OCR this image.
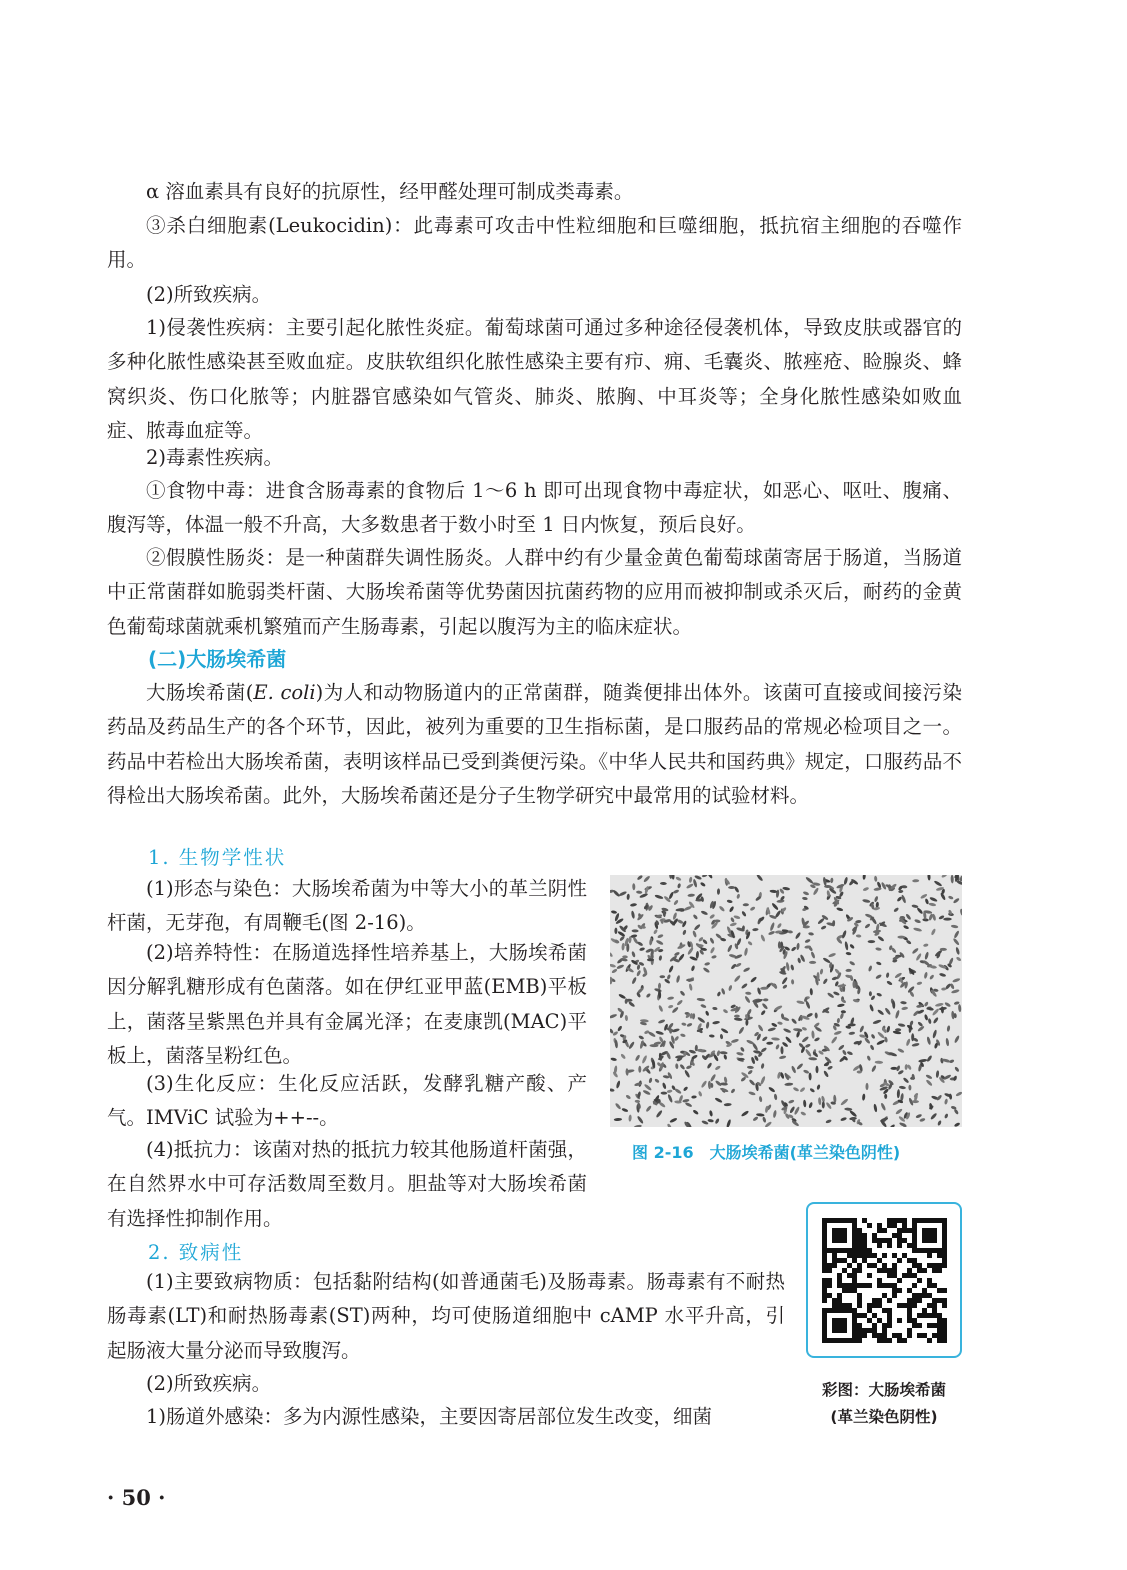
α 溶血素具有良好的抗原性，经甲醛处理可制成类毒素。

③杀白细胞素(Leukocidin)：此毒素可攻击中性粒细胞和巨噬细胞，抵抗宿主细胞的吞噬作用。

(2)所致疾病。

1)侵袭性疾病：主要引起化脓性炎症。葡萄球菌可通过多种途径侵袭机体，导致皮肤或器官的多种化脓性感染甚至败血症。皮肤软组织化脓性感染主要有疖、痈、毛囊炎、脓痤疮、睑腺炎、蜂窝织炎、伤口化脓等；内脏器官感染如气管炎、肺炎、脓胸、中耳炎等；全身化脓性感染如败血症、脓毒血症等。

2)毒素性疾病。

①食物中毒：进食含肠毒素的食物后 1～6 h 即可出现食物中毒症状，如恶心、呕吐、腹痛、腹泻等，体温一般不升高，大多数患者于数小时至 1 日内恢复，预后良好。

②假膜性肠炎：是一种菌群失调性肠炎。人群中约有少量金黄色葡萄球菌寄居于肠道，当肠道中正常菌群如脆弱类杆菌、大肠埃希菌等优势菌因抗菌药物的应用而被抑制或杀灭后，耐药的金黄色葡萄球菌就乘机繁殖而产生肠毒素，引起以腹泻为主的临床症状。

(二)大肠埃希菌

大肠埃希菌(E. coli)为人和动物肠道内的正常菌群，随粪便排出体外。该菌可直接或间接污染药品及药品生产的各个环节，因此，被列为重要的卫生指标菌，是口服药品的常规必检项目之一。药品中若检出大肠埃希菌，表明该样品已受到粪便污染。《中华人民共和国药典》规定，口服药品不得检出大肠埃希菌。此外，大肠埃希菌还是分子生物学研究中最常用的试验材料。

1. 生物学性状

(1)形态与染色：大肠埃希菌为中等大小的革兰阴性杆菌，无芽孢，有周鞭毛(图 2-16)。

(2)培养特性：在肠道选择性培养基上，大肠埃希菌因分解乳糖形成有色菌落。如在伊红亚甲蓝(EMB)平板上，菌落呈紫黑色并具有金属光泽；在麦康凯(MAC)平板上，菌落呈粉红色。

(3)生化反应：生化反应活跃，发酵乳糖产酸、产气。IMViC 试验为++--。

(4)抵抗力：该菌对热的抵抗力较其他肠道杆菌强，在自然界水中可存活数周至数月。胆盐等对大肠埃希菌有选择性抑制作用。

图 2-16　大肠埃希菌(革兰染色阴性)
2. 致病性

(1)主要致病物质：包括黏附结构(如普通菌毛)及肠毒素。肠毒素有不耐热肠毒素(LT)和耐热肠毒素(ST)两种，均可使肠道细胞中 cAMP 水平升高，引起肠液大量分泌而导致腹泻。

(2)所致疾病。

1)肠道外感染：多为内源性感染，主要因寄居部位发生改变，细菌

彩图：大肠埃希菌
(革兰染色阴性)
· 50 ·
